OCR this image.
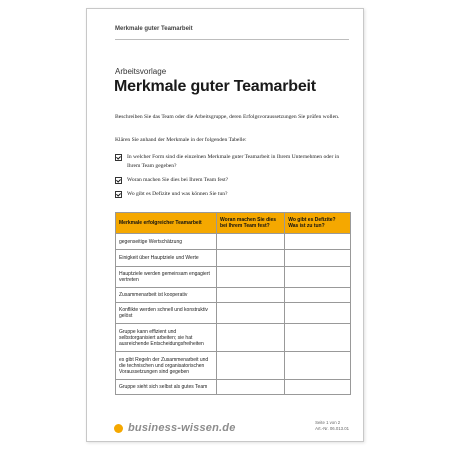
Merkmale guter Teamarbeit
Arbeitsvorlage
Merkmale guter Teamarbeit
Beschreiben Sie das Team oder die Arbeitsgruppe, deren Erfolgsvoraussetzungen Sie prüfen wollen.
Klären Sie anhand der Merkmale in der folgenden Tabelle:
In welcher Form sind die einzelnen Merkmale guter Teamarbeit in Ihrem Unternehmen oder in Ihrem Team gegeben?
Woran machen Sie dies bei Ihrem Team fest?
Wo gibt es Defizite und was können Sie tun?
Merkmale erfolgreicher Teamarbeit	Woran machen Sie dies bei Ihrem Team fest?	Wo gibt es Defizite? Was ist zu tun?
gegenseitige Wertschätzung		
Einigkeit über Hauptziele und Werte		
Hauptziele werden gemeinsam engagiert vertreten		
Zusammenarbeit ist kooperativ		
Konflikte werden schnell und konstruktiv gelöst		
Gruppe kann effizient und selbstorganisiert arbeiten; sie hat ausreichende Entscheidungsfreiheiten		
es gibt Regeln der Zusammenarbeit und die technischen und organisatorischen Voraussetzungen sind gegeben		
Gruppe sieht sich selbst als gutes Team		
business-wissen.de	Seite 1 von 2
Art.-Nr. 06.013.01
